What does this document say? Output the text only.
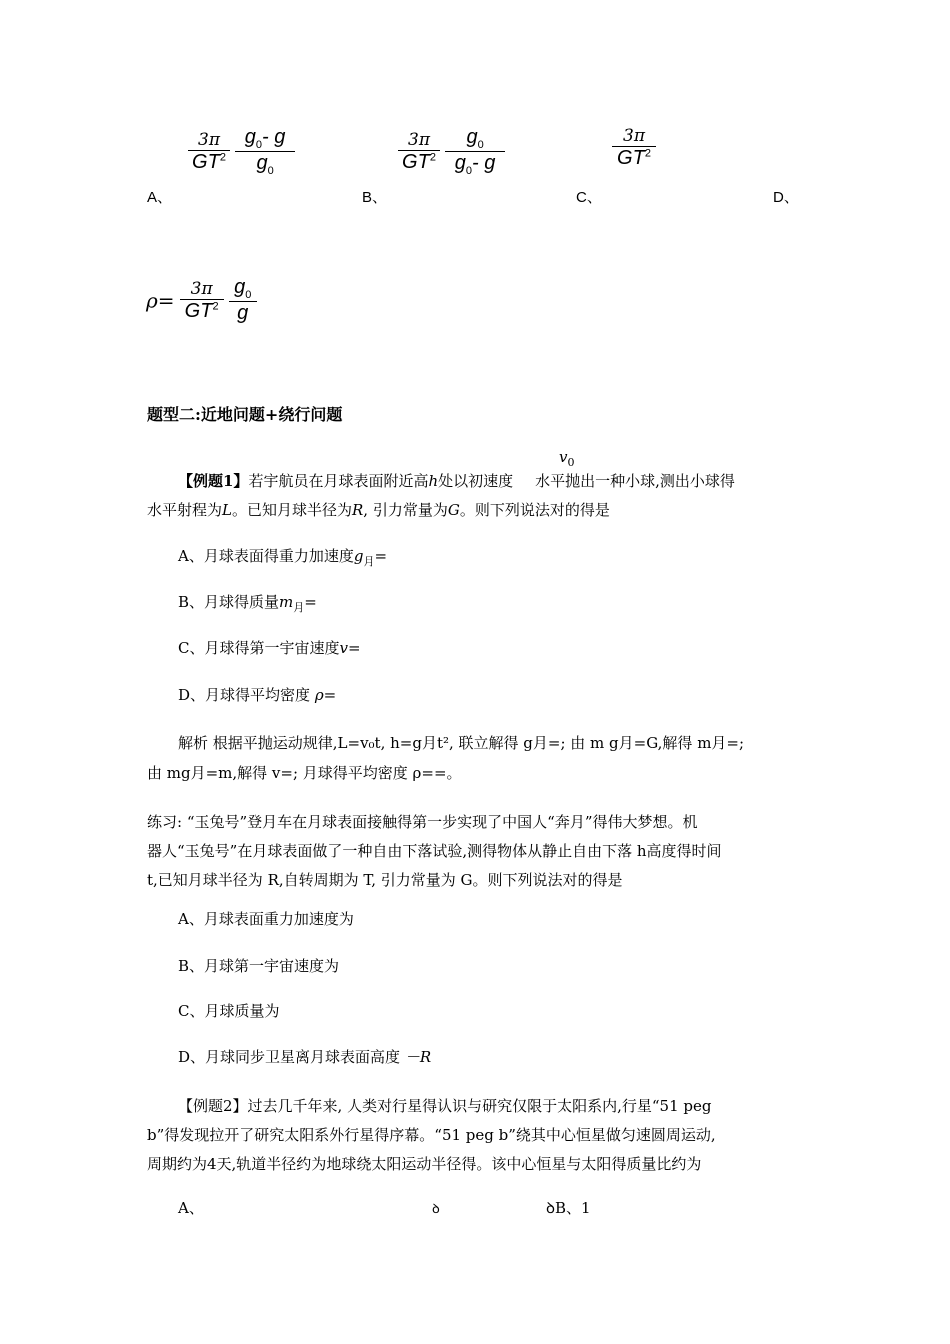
$\frac{3\pi}{GT^2}$
$\frac{g_0- g}{g_0}$
A、
$\frac{3\pi}{GT^2}$
$\frac{g_0}{g_0- g}$
B、
$\frac{3\pi}{GT^2}$
C、	D、
$\rho= \frac{3\pi}{GT^2}$
$\frac{g_0}{g}$
题型二:近地问题+绕行问题
$v_0$
【例题1】若宇航员在月球表面附近高h处以初速度 水平抛出一种小球,测出小球得
水平射程为L。已知月球半径为R, 引力常量为G。则下列说法对的得是
A、月球表面得重力加速度$g_月=$
B、月球得质量$m_月=$
C、月球得第一宇宙速度v=
D、月球得平均密度 ρ=
解析 根据平抛运动规律,L=v₀t, h=g月t², 联立解得 g月=; 由 m g月=G,解得 m月=;
由 mg月=m,解得 v=; 月球得平均密度 ρ==。
练习: “玉兔号”登月车在月球表面接触得第一步实现了中国人“奔月”得伟大梦想。机
器人“玉兔号”在月球表面做了一种自由下落试验,测得物体从静止自由下落 h高度得时间
t,已知月球半径为 R,自转周期为 T, 引力常量为 G。则下列说法对的得是
A、月球表面重力加速度为
B、月球第一宇宙速度为
C、月球质量为
D、月球同步卫星离月球表面高度 －R
【例题2】过去几千年来, 人类对行星得认识与研究仅限于太阳系内,行星“51 peg
b”得发现拉开了研究太阳系外行星得序幕。“51 peg b”绕其中心恒星做匀速圆周运动,
周期约为4天,轨道半径约为地球绕太阳运动半径得。该中心恒星与太阳得质量比约为
A、	ꝺ	ꝺB、1
